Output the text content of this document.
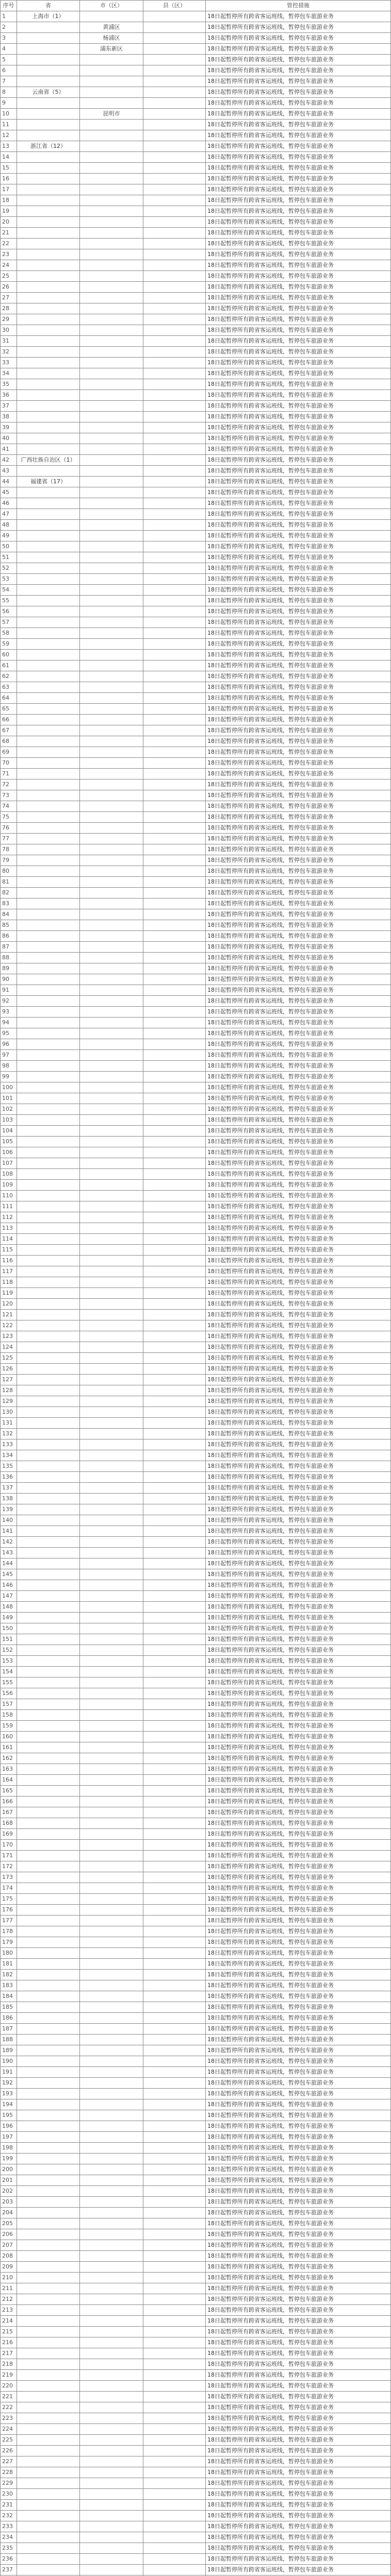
序号	省	市（区）	县（区）	管控措施
1	上海市（1）			18日起暂停所有跨省客运班线，暂停包车旅游业务
2		黄浦区		18日起暂停所有跨省客运班线，暂停包车旅游业务
3		杨浦区		18日起暂停所有跨省客运班线，暂停包车旅游业务
4		浦东新区		18日起暂停所有跨省客运班线，暂停包车旅游业务
5				18日起暂停所有跨省客运班线，暂停包车旅游业务
6				18日起暂停所有跨省客运班线，暂停包车旅游业务
7				18日起暂停所有跨省客运班线，暂停包车旅游业务
8	云南省（5）			18日起暂停所有跨省客运班线，暂停包车旅游业务
9				18日起暂停所有跨省客运班线，暂停包车旅游业务
10		昆明市		18日起暂停所有跨省客运班线，暂停包车旅游业务
11				18日起暂停所有跨省客运班线，暂停包车旅游业务
12				18日起暂停所有跨省客运班线，暂停包车旅游业务
13	浙江省（12）			18日起暂停所有跨省客运班线，暂停包车旅游业务
14				18日起暂停所有跨省客运班线，暂停包车旅游业务
15				18日起暂停所有跨省客运班线，暂停包车旅游业务
16				18日起暂停所有跨省客运班线，暂停包车旅游业务
17				18日起暂停所有跨省客运班线，暂停包车旅游业务
18				18日起暂停所有跨省客运班线，暂停包车旅游业务
19				18日起暂停所有跨省客运班线，暂停包车旅游业务
20				18日起暂停所有跨省客运班线，暂停包车旅游业务
21				18日起暂停所有跨省客运班线，暂停包车旅游业务
22				18日起暂停所有跨省客运班线，暂停包车旅游业务
23				18日起暂停所有跨省客运班线，暂停包车旅游业务
24				18日起暂停所有跨省客运班线，暂停包车旅游业务
25				18日起暂停所有跨省客运班线，暂停包车旅游业务
26				18日起暂停所有跨省客运班线，暂停包车旅游业务
27				18日起暂停所有跨省客运班线，暂停包车旅游业务
28				18日起暂停所有跨省客运班线，暂停包车旅游业务
29				18日起暂停所有跨省客运班线，暂停包车旅游业务
30				18日起暂停所有跨省客运班线，暂停包车旅游业务
31				18日起暂停所有跨省客运班线，暂停包车旅游业务
32				18日起暂停所有跨省客运班线，暂停包车旅游业务
33				18日起暂停所有跨省客运班线，暂停包车旅游业务
34				18日起暂停所有跨省客运班线，暂停包车旅游业务
35				18日起暂停所有跨省客运班线，暂停包车旅游业务
36				18日起暂停所有跨省客运班线，暂停包车旅游业务
37				18日起暂停所有跨省客运班线，暂停包车旅游业务
38				18日起暂停所有跨省客运班线，暂停包车旅游业务
39				18日起暂停所有跨省客运班线，暂停包车旅游业务
40				18日起暂停所有跨省客运班线，暂停包车旅游业务
41				18日起暂停所有跨省客运班线，暂停包车旅游业务
42	广西壮族自治区（1）			18日起暂停所有跨省客运班线，暂停包车旅游业务
43				18日起暂停所有跨省客运班线，暂停包车旅游业务
44	福建省（17）			18日起暂停所有跨省客运班线，暂停包车旅游业务
45				18日起暂停所有跨省客运班线，暂停包车旅游业务
46				18日起暂停所有跨省客运班线，暂停包车旅游业务
47				18日起暂停所有跨省客运班线，暂停包车旅游业务
48				18日起暂停所有跨省客运班线，暂停包车旅游业务
49				18日起暂停所有跨省客运班线，暂停包车旅游业务
50				18日起暂停所有跨省客运班线，暂停包车旅游业务
51				18日起暂停所有跨省客运班线，暂停包车旅游业务
52				18日起暂停所有跨省客运班线，暂停包车旅游业务
53				18日起暂停所有跨省客运班线，暂停包车旅游业务
54				18日起暂停所有跨省客运班线，暂停包车旅游业务
55				18日起暂停所有跨省客运班线，暂停包车旅游业务
56				18日起暂停所有跨省客运班线，暂停包车旅游业务
57				18日起暂停所有跨省客运班线，暂停包车旅游业务
58				18日起暂停所有跨省客运班线，暂停包车旅游业务
59				18日起暂停所有跨省客运班线，暂停包车旅游业务
60				18日起暂停所有跨省客运班线，暂停包车旅游业务
61				18日起暂停所有跨省客运班线，暂停包车旅游业务
62				18日起暂停所有跨省客运班线，暂停包车旅游业务
63				18日起暂停所有跨省客运班线，暂停包车旅游业务
64				18日起暂停所有跨省客运班线，暂停包车旅游业务
65				18日起暂停所有跨省客运班线，暂停包车旅游业务
66				18日起暂停所有跨省客运班线，暂停包车旅游业务
67				18日起暂停所有跨省客运班线，暂停包车旅游业务
68				18日起暂停所有跨省客运班线，暂停包车旅游业务
69				18日起暂停所有跨省客运班线，暂停包车旅游业务
70				18日起暂停所有跨省客运班线，暂停包车旅游业务
71				18日起暂停所有跨省客运班线，暂停包车旅游业务
72				18日起暂停所有跨省客运班线，暂停包车旅游业务
73				18日起暂停所有跨省客运班线，暂停包车旅游业务
74				18日起暂停所有跨省客运班线，暂停包车旅游业务
75				18日起暂停所有跨省客运班线，暂停包车旅游业务
76				18日起暂停所有跨省客运班线，暂停包车旅游业务
77				18日起暂停所有跨省客运班线，暂停包车旅游业务
78				18日起暂停所有跨省客运班线，暂停包车旅游业务
79				18日起暂停所有跨省客运班线，暂停包车旅游业务
80				18日起暂停所有跨省客运班线，暂停包车旅游业务
81				18日起暂停所有跨省客运班线，暂停包车旅游业务
82				18日起暂停所有跨省客运班线，暂停包车旅游业务
83				18日起暂停所有跨省客运班线，暂停包车旅游业务
84				18日起暂停所有跨省客运班线，暂停包车旅游业务
85				18日起暂停所有跨省客运班线，暂停包车旅游业务
86				18日起暂停所有跨省客运班线，暂停包车旅游业务
87				18日起暂停所有跨省客运班线，暂停包车旅游业务
88				18日起暂停所有跨省客运班线，暂停包车旅游业务
89				18日起暂停所有跨省客运班线，暂停包车旅游业务
90				18日起暂停所有跨省客运班线，暂停包车旅游业务
91				18日起暂停所有跨省客运班线，暂停包车旅游业务
92				18日起暂停所有跨省客运班线，暂停包车旅游业务
93				18日起暂停所有跨省客运班线，暂停包车旅游业务
94				18日起暂停所有跨省客运班线，暂停包车旅游业务
95				18日起暂停所有跨省客运班线，暂停包车旅游业务
96				18日起暂停所有跨省客运班线，暂停包车旅游业务
97				18日起暂停所有跨省客运班线，暂停包车旅游业务
98				18日起暂停所有跨省客运班线，暂停包车旅游业务
99				18日起暂停所有跨省客运班线，暂停包车旅游业务
100				18日起暂停所有跨省客运班线，暂停包车旅游业务
101				18日起暂停所有跨省客运班线，暂停包车旅游业务
102				18日起暂停所有跨省客运班线，暂停包车旅游业务
103				18日起暂停所有跨省客运班线，暂停包车旅游业务
104				18日起暂停所有跨省客运班线，暂停包车旅游业务
105				18日起暂停所有跨省客运班线，暂停包车旅游业务
106				18日起暂停所有跨省客运班线，暂停包车旅游业务
107				18日起暂停所有跨省客运班线，暂停包车旅游业务
108				18日起暂停所有跨省客运班线，暂停包车旅游业务
109				18日起暂停所有跨省客运班线，暂停包车旅游业务
110				18日起暂停所有跨省客运班线，暂停包车旅游业务
111				18日起暂停所有跨省客运班线，暂停包车旅游业务
112				18日起暂停所有跨省客运班线，暂停包车旅游业务
113				18日起暂停所有跨省客运班线，暂停包车旅游业务
114				18日起暂停所有跨省客运班线，暂停包车旅游业务
115				18日起暂停所有跨省客运班线，暂停包车旅游业务
116				18日起暂停所有跨省客运班线，暂停包车旅游业务
117				18日起暂停所有跨省客运班线，暂停包车旅游业务
118				18日起暂停所有跨省客运班线，暂停包车旅游业务
119				18日起暂停所有跨省客运班线，暂停包车旅游业务
120				18日起暂停所有跨省客运班线，暂停包车旅游业务
121				18日起暂停所有跨省客运班线，暂停包车旅游业务
122				18日起暂停所有跨省客运班线，暂停包车旅游业务
123				18日起暂停所有跨省客运班线，暂停包车旅游业务
124				18日起暂停所有跨省客运班线，暂停包车旅游业务
125				18日起暂停所有跨省客运班线，暂停包车旅游业务
126				18日起暂停所有跨省客运班线，暂停包车旅游业务
127				18日起暂停所有跨省客运班线，暂停包车旅游业务
128				18日起暂停所有跨省客运班线，暂停包车旅游业务
129				18日起暂停所有跨省客运班线，暂停包车旅游业务
130				18日起暂停所有跨省客运班线，暂停包车旅游业务
131				18日起暂停所有跨省客运班线，暂停包车旅游业务
132				18日起暂停所有跨省客运班线，暂停包车旅游业务
133				18日起暂停所有跨省客运班线，暂停包车旅游业务
134				18日起暂停所有跨省客运班线，暂停包车旅游业务
135				18日起暂停所有跨省客运班线，暂停包车旅游业务
136				18日起暂停所有跨省客运班线，暂停包车旅游业务
137				18日起暂停所有跨省客运班线，暂停包车旅游业务
138				18日起暂停所有跨省客运班线，暂停包车旅游业务
139				18日起暂停所有跨省客运班线，暂停包车旅游业务
140				18日起暂停所有跨省客运班线，暂停包车旅游业务
141				18日起暂停所有跨省客运班线，暂停包车旅游业务
142				18日起暂停所有跨省客运班线，暂停包车旅游业务
143				18日起暂停所有跨省客运班线，暂停包车旅游业务
144				18日起暂停所有跨省客运班线，暂停包车旅游业务
145				18日起暂停所有跨省客运班线，暂停包车旅游业务
146				18日起暂停所有跨省客运班线，暂停包车旅游业务
147				18日起暂停所有跨省客运班线，暂停包车旅游业务
148				18日起暂停所有跨省客运班线，暂停包车旅游业务
149				18日起暂停所有跨省客运班线，暂停包车旅游业务
150				18日起暂停所有跨省客运班线，暂停包车旅游业务
151				18日起暂停所有跨省客运班线，暂停包车旅游业务
152				18日起暂停所有跨省客运班线，暂停包车旅游业务
153				18日起暂停所有跨省客运班线，暂停包车旅游业务
154				18日起暂停所有跨省客运班线，暂停包车旅游业务
155				18日起暂停所有跨省客运班线，暂停包车旅游业务
156				18日起暂停所有跨省客运班线，暂停包车旅游业务
157				18日起暂停所有跨省客运班线，暂停包车旅游业务
158				18日起暂停所有跨省客运班线，暂停包车旅游业务
159				18日起暂停所有跨省客运班线，暂停包车旅游业务
160				18日起暂停所有跨省客运班线，暂停包车旅游业务
161				18日起暂停所有跨省客运班线，暂停包车旅游业务
162				18日起暂停所有跨省客运班线，暂停包车旅游业务
163				18日起暂停所有跨省客运班线，暂停包车旅游业务
164				18日起暂停所有跨省客运班线，暂停包车旅游业务
165				18日起暂停所有跨省客运班线，暂停包车旅游业务
166				18日起暂停所有跨省客运班线，暂停包车旅游业务
167				18日起暂停所有跨省客运班线，暂停包车旅游业务
168				18日起暂停所有跨省客运班线，暂停包车旅游业务
169				18日起暂停所有跨省客运班线，暂停包车旅游业务
170				18日起暂停所有跨省客运班线，暂停包车旅游业务
171				18日起暂停所有跨省客运班线，暂停包车旅游业务
172				18日起暂停所有跨省客运班线，暂停包车旅游业务
173				18日起暂停所有跨省客运班线，暂停包车旅游业务
174				18日起暂停所有跨省客运班线，暂停包车旅游业务
175				18日起暂停所有跨省客运班线，暂停包车旅游业务
176				18日起暂停所有跨省客运班线，暂停包车旅游业务
177				18日起暂停所有跨省客运班线，暂停包车旅游业务
178				18日起暂停所有跨省客运班线，暂停包车旅游业务
179				18日起暂停所有跨省客运班线，暂停包车旅游业务
180				18日起暂停所有跨省客运班线，暂停包车旅游业务
181				18日起暂停所有跨省客运班线，暂停包车旅游业务
182				18日起暂停所有跨省客运班线，暂停包车旅游业务
183				18日起暂停所有跨省客运班线，暂停包车旅游业务
184				18日起暂停所有跨省客运班线，暂停包车旅游业务
185				18日起暂停所有跨省客运班线，暂停包车旅游业务
186				18日起暂停所有跨省客运班线，暂停包车旅游业务
187				18日起暂停所有跨省客运班线，暂停包车旅游业务
188				18日起暂停所有跨省客运班线，暂停包车旅游业务
189				18日起暂停所有跨省客运班线，暂停包车旅游业务
190				18日起暂停所有跨省客运班线，暂停包车旅游业务
191				18日起暂停所有跨省客运班线，暂停包车旅游业务
192				18日起暂停所有跨省客运班线，暂停包车旅游业务
193				18日起暂停所有跨省客运班线，暂停包车旅游业务
194				18日起暂停所有跨省客运班线，暂停包车旅游业务
195				18日起暂停所有跨省客运班线，暂停包车旅游业务
196				18日起暂停所有跨省客运班线，暂停包车旅游业务
197				18日起暂停所有跨省客运班线，暂停包车旅游业务
198				18日起暂停所有跨省客运班线，暂停包车旅游业务
199				18日起暂停所有跨省客运班线，暂停包车旅游业务
200				18日起暂停所有跨省客运班线，暂停包车旅游业务
201				18日起暂停所有跨省客运班线，暂停包车旅游业务
202				18日起暂停所有跨省客运班线，暂停包车旅游业务
203				18日起暂停所有跨省客运班线，暂停包车旅游业务
204				18日起暂停所有跨省客运班线，暂停包车旅游业务
205				18日起暂停所有跨省客运班线，暂停包车旅游业务
206				18日起暂停所有跨省客运班线，暂停包车旅游业务
207				18日起暂停所有跨省客运班线，暂停包车旅游业务
208				18日起暂停所有跨省客运班线，暂停包车旅游业务
209				18日起暂停所有跨省客运班线，暂停包车旅游业务
210				18日起暂停所有跨省客运班线，暂停包车旅游业务
211				18日起暂停所有跨省客运班线，暂停包车旅游业务
212				18日起暂停所有跨省客运班线，暂停包车旅游业务
213				18日起暂停所有跨省客运班线，暂停包车旅游业务
214				18日起暂停所有跨省客运班线，暂停包车旅游业务
215				18日起暂停所有跨省客运班线，暂停包车旅游业务
216				18日起暂停所有跨省客运班线，暂停包车旅游业务
217				18日起暂停所有跨省客运班线，暂停包车旅游业务
218				18日起暂停所有跨省客运班线，暂停包车旅游业务
219				18日起暂停所有跨省客运班线，暂停包车旅游业务
220				18日起暂停所有跨省客运班线，暂停包车旅游业务
221				18日起暂停所有跨省客运班线，暂停包车旅游业务
222				18日起暂停所有跨省客运班线，暂停包车旅游业务
223				18日起暂停所有跨省客运班线，暂停包车旅游业务
224				18日起暂停所有跨省客运班线，暂停包车旅游业务
225				18日起暂停所有跨省客运班线，暂停包车旅游业务
226				18日起暂停所有跨省客运班线，暂停包车旅游业务
227				18日起暂停所有跨省客运班线，暂停包车旅游业务
228				18日起暂停所有跨省客运班线，暂停包车旅游业务
229				18日起暂停所有跨省客运班线，暂停包车旅游业务
230				18日起暂停所有跨省客运班线，暂停包车旅游业务
231				18日起暂停所有跨省客运班线，暂停包车旅游业务
232				18日起暂停所有跨省客运班线，暂停包车旅游业务
233				18日起暂停所有跨省客运班线，暂停包车旅游业务
234				18日起暂停所有跨省客运班线，暂停包车旅游业务
235				18日起暂停所有跨省客运班线，暂停包车旅游业务
236				18日起暂停所有跨省客运班线，暂停包车旅游业务
237				18日起暂停所有跨省客运班线，暂停包车旅游业务
